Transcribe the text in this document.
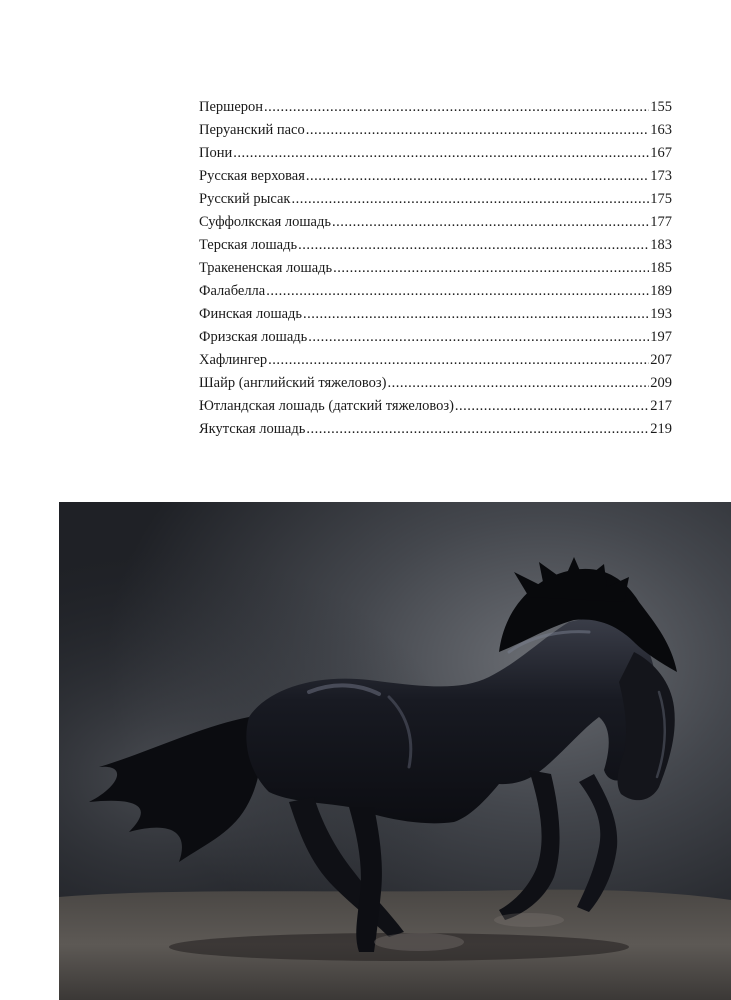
Першерон .....	155
Перуанский пасо .....	163
Пони .....	167
Русская верховая .....	173
Русский рысак .....	175
Суффолкская лошадь .....	177
Терская лошадь .....	183
Тракененская лошадь .....	185
Фалабелла .....	189
Финская лошадь .....	193
Фризская лошадь .....	197
Хафлингер .....	207
Шайр (английский тяжеловоз) .....	209
Ютландская лошадь (датский тяжеловоз) .....	217
Якутская лошадь .....	219
